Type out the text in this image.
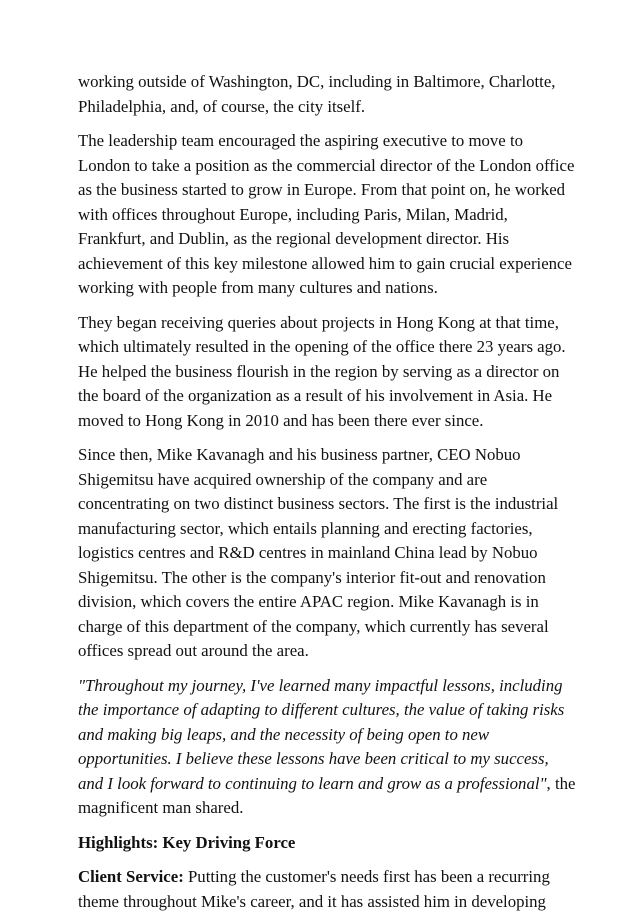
working outside of Washington, DC, including in Baltimore, Charlotte, Philadelphia, and, of course, the city itself.

The leadership team encouraged the aspiring executive to move to London to take a position as the commercial director of the London office as the business started to grow in Europe. From that point on, he worked with offices throughout Europe, including Paris, Milan, Madrid, Frankfurt, and Dublin, as the regional development director. His achievement of this key milestone allowed him to gain crucial experience working with people from many cultures and nations.

They began receiving queries about projects in Hong Kong at that time, which ultimately resulted in the opening of the office there 23 years ago. He helped the business flourish in the region by serving as a director on the board of the organization as a result of his involvement in Asia. He moved to Hong Kong in 2010 and has been there ever since.

Since then, Mike Kavanagh and his business partner, CEO Nobuo Shigemitsu have acquired ownership of the company and are concentrating on two distinct business sectors. The first is the industrial manufacturing sector, which entails planning and erecting factories, logistics centres and R&D centres in mainland China lead by Nobuo Shigemitsu. The other is the company's interior fit-out and renovation division, which covers the entire APAC region. Mike Kavanagh is in charge of this department of the company, which currently has several offices spread out around the area.

"Throughout my journey, I've learned many impactful lessons, including the importance of adapting to different cultures, the value of taking risks and making big leaps, and the necessity of being open to new opportunities. I believe these lessons have been critical to my success, and I look forward to continuing to learn and grow as a professional", the magnificent man shared.

Highlights: Key Driving Force

Client Service: Putting the customer's needs first has been a recurring theme throughout Mike's career, and it has assisted him in developing
